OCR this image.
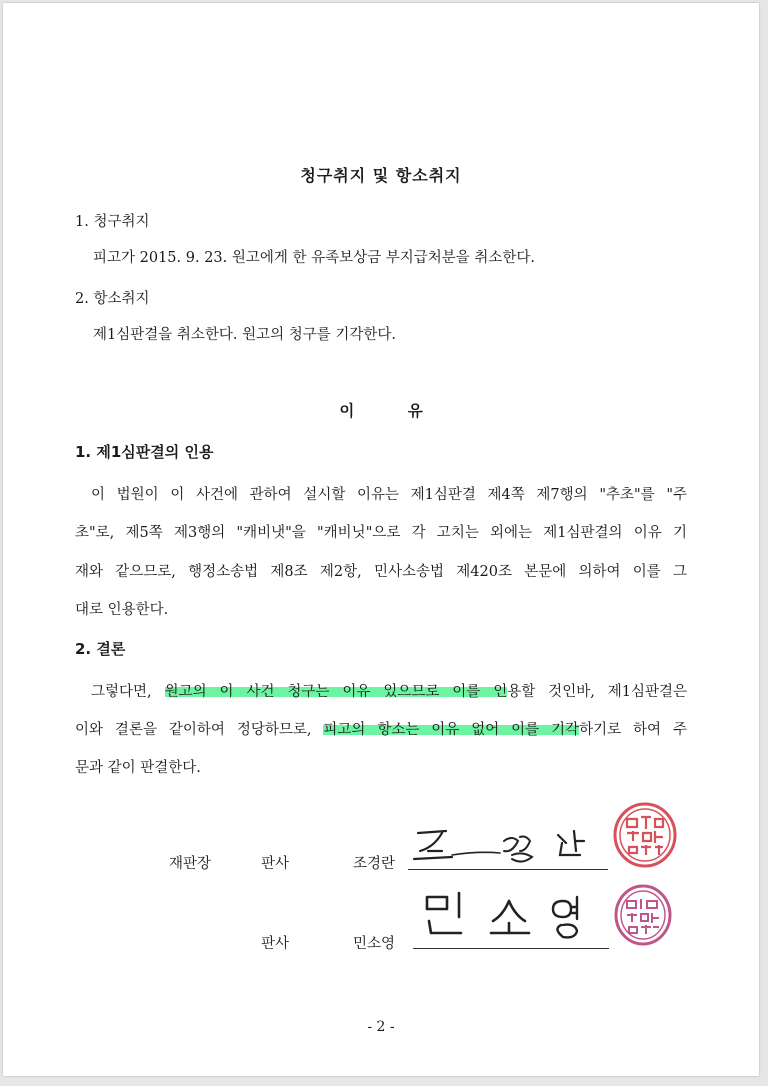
청구취지 및 항소취지
1. 청구취지
피고가 2015. 9. 23. 원고에게 한 유족보상금 부지급처분을 취소한다.
2. 항소취지
제1심판결을 취소한다. 원고의 청구를 기각한다.
이 유
1. 제1심판결의 인용
이 법원이 이 사건에 관하여 설시할 이유는 제1심판결 제4쪽 제7행의 "추초"를 "주
초"로, 제5쪽 제3행의 "캐비냇"을 "캐비닛"으로 각 고치는 외에는 제1심판결의 이유 기
재와 같으므로, 행정소송법 제8조 제2항, 민사소송법 제420조 본문에 의하여 이를 그
대로 인용한다.
2. 결론
그렇다면, 원고의 이 사건 청구는 이유 있으므로 이를 인용할 것인바, 제1심판결은
이와 결론을 같이하여 정당하므로, 피고의 항소는 이유 없어 이를 기각하기로 하여 주
문과 같이 판결한다.
재판장	판사	조경란
판사	민소영
- 2 -
